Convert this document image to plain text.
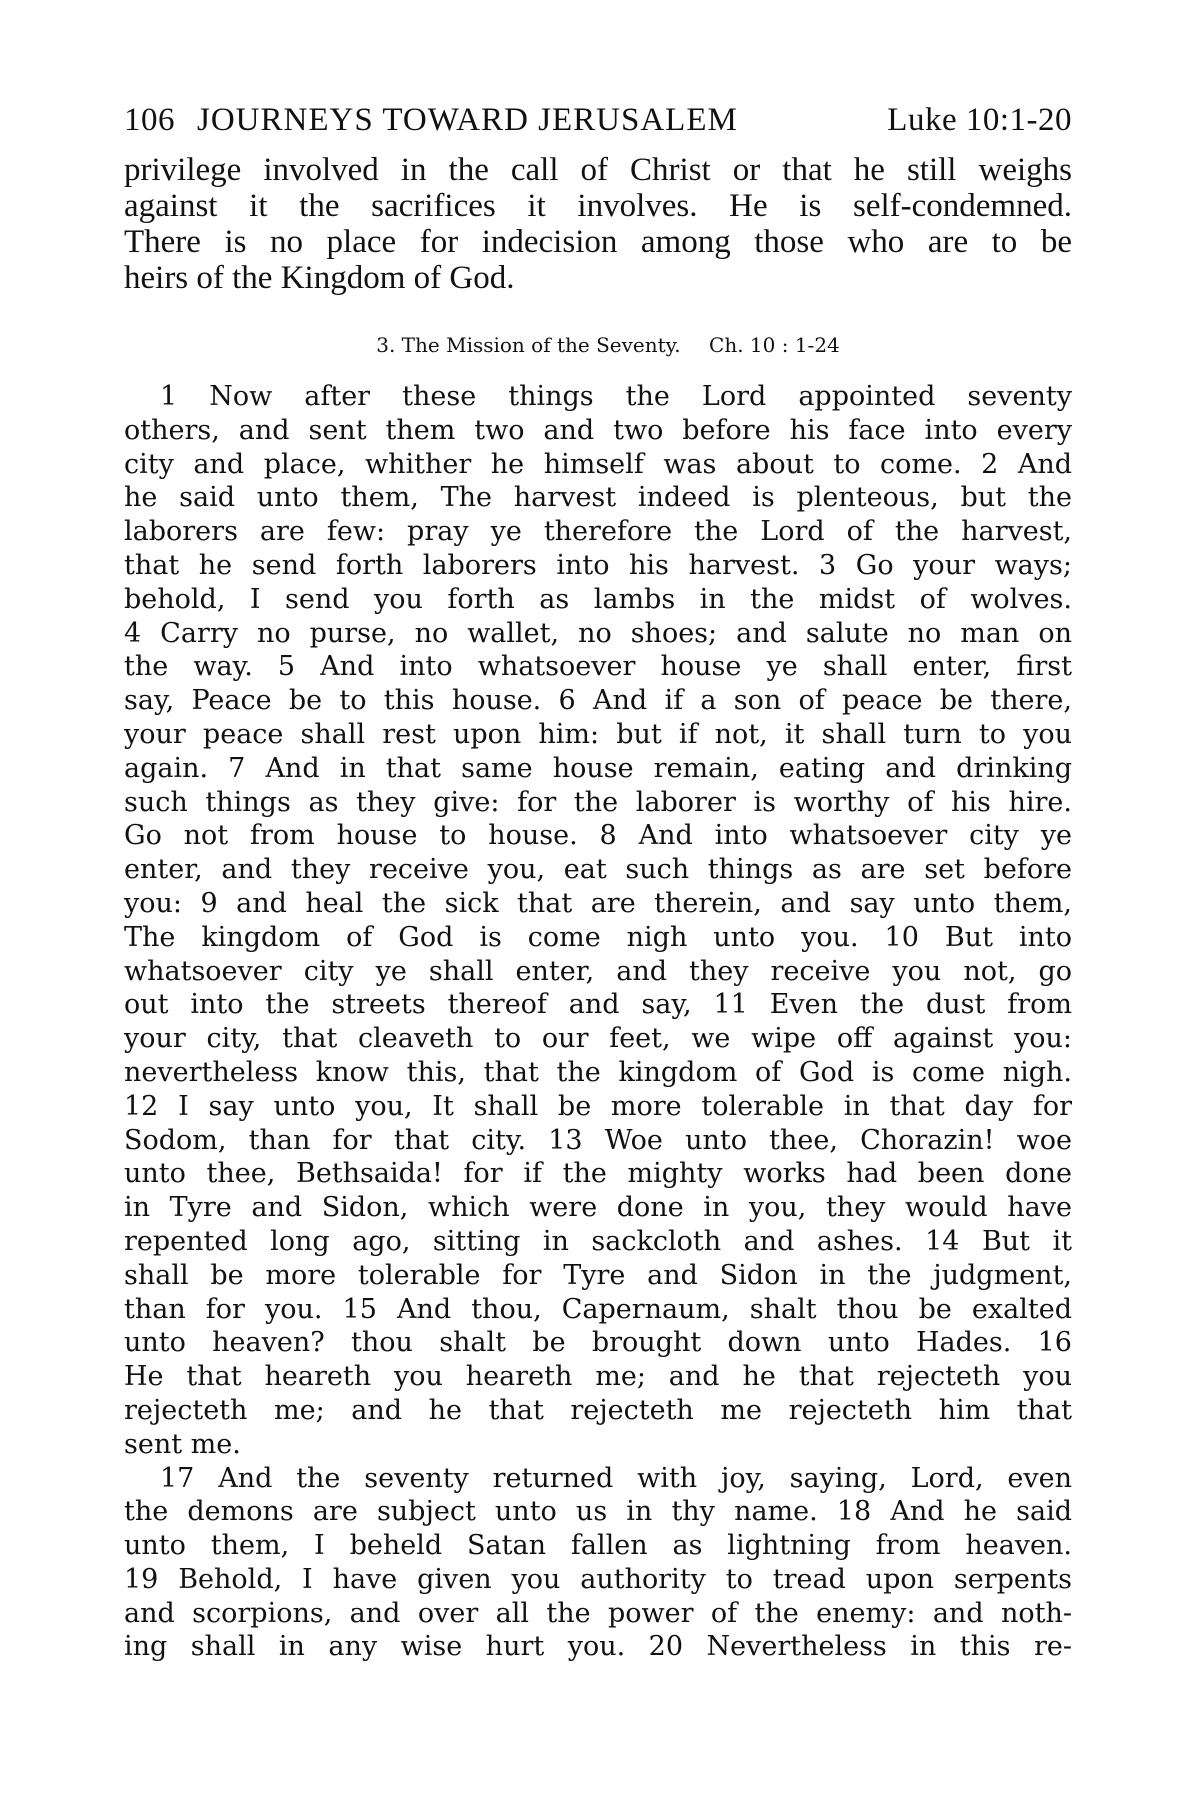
106 JOURNEYS TOWARD JERUSALEM	Luke 10:1-20

privilege involved in the call of Christ or that he still weighs
against it the sacrifices it involves. He is self-condemned.
There is no place for indecision among those who are to be
heirs of the Kingdom of God.

3. The Mission of the Seventy. Ch. 10 : 1-24
1 Now after these things the Lord appointed seventy
others, and sent them two and two before his face into every
city and place, whither he himself was about to come. 2 And
he said unto them, The harvest indeed is plenteous, but the
laborers are few: pray ye therefore the Lord of the harvest,
that he send forth laborers into his harvest. 3 Go your ways;
behold, I send you forth as lambs in the midst of wolves.
4 Carry no purse, no wallet, no shoes; and salute no man on
the way. 5 And into whatsoever house ye shall enter, first
say, Peace be to this house. 6 And if a son of peace be there,
your peace shall rest upon him: but if not, it shall turn to you
again. 7 And in that same house remain, eating and drinking
such things as they give: for the laborer is worthy of his hire.
Go not from house to house. 8 And into whatsoever city ye
enter, and they receive you, eat such things as are set before
you: 9 and heal the sick that are therein, and say unto them,
The kingdom of God is come nigh unto you. 10 But into
whatsoever city ye shall enter, and they receive you not, go
out into the streets thereof and say, 11 Even the dust from
your city, that cleaveth to our feet, we wipe off against you:
nevertheless know this, that the kingdom of God is come nigh.
12 I say unto you, It shall be more tolerable in that day for
Sodom, than for that city. 13 Woe unto thee, Chorazin! woe
unto thee, Bethsaida! for if the mighty works had been done
in Tyre and Sidon, which were done in you, they would have
repented long ago, sitting in sackcloth and ashes. 14 But it
shall be more tolerable for Tyre and Sidon in the judgment,
than for you. 15 And thou, Capernaum, shalt thou be exalted
unto heaven? thou shalt be brought down unto Hades. 16
He that heareth you heareth me; and he that rejecteth you
rejecteth me; and he that rejecteth me rejecteth him that
sent me.
17 And the seventy returned with joy, saying, Lord, even
the demons are subject unto us in thy name. 18 And he said
unto them, I beheld Satan fallen as lightning from heaven.
19 Behold, I have given you authority to tread upon serpents
and scorpions, and over all the power of the enemy: and noth-
ing shall in any wise hurt you. 20 Nevertheless in this re-
